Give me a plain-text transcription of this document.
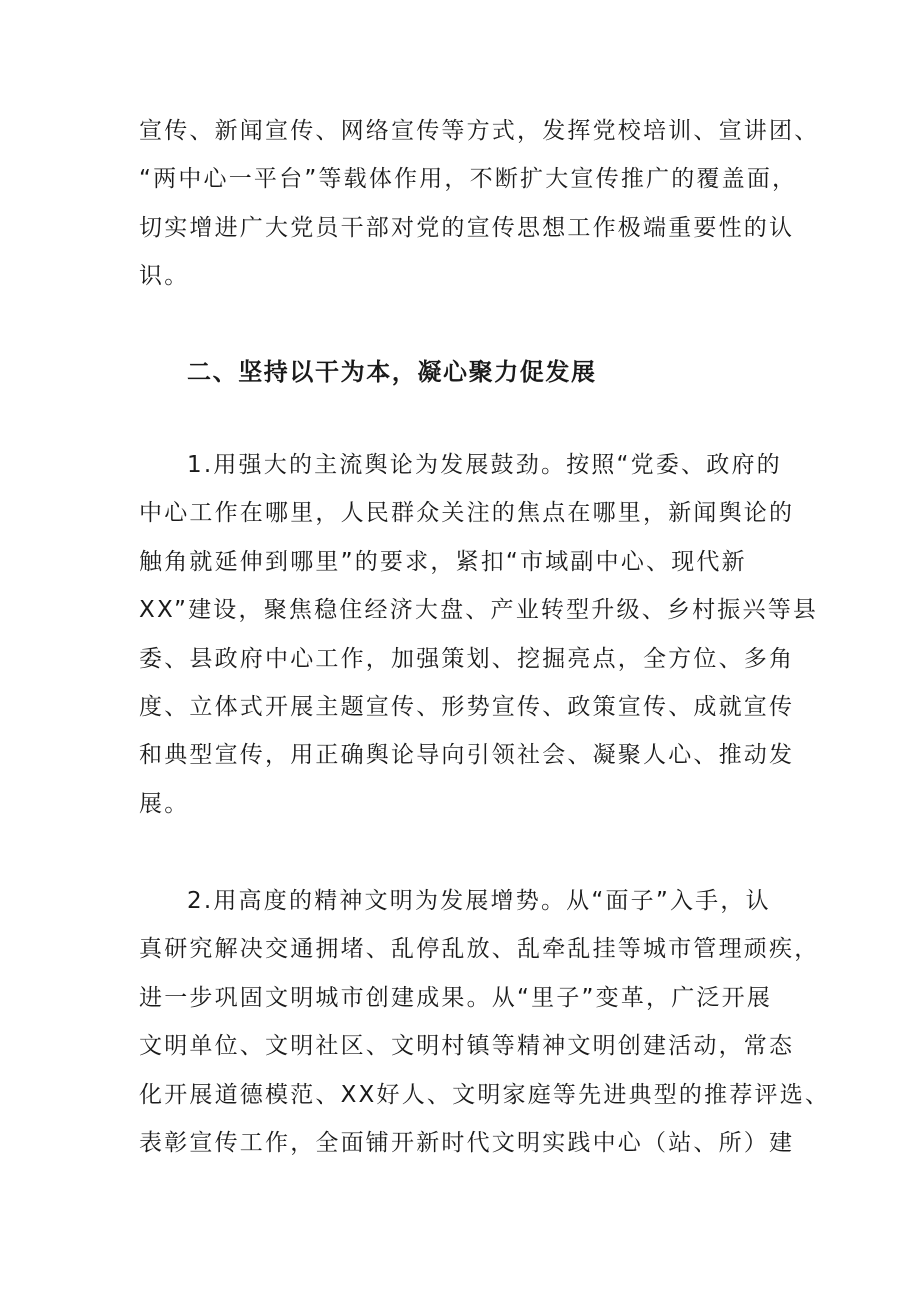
宣传、新闻宣传、网络宣传等方式，发挥党校培训、宣讲团、
“两中心一平台”等载体作用，不断扩大宣传推广的覆盖面，
切实增进广大党员干部对党的宣传思想工作极端重要性的认
识。
二、坚持以干为本，凝心聚力促发展
1.用强大的主流舆论为发展鼓劲。按照“党委、政府的
中心工作在哪里，人民群众关注的焦点在哪里，新闻舆论的
触角就延伸到哪里”的要求，紧扣“市域副中心、现代新
XX”建设，聚焦稳住经济大盘、产业转型升级、乡村振兴等县
委、县政府中心工作，加强策划、挖掘亮点，全方位、多角
度、立体式开展主题宣传、形势宣传、政策宣传、成就宣传
和典型宣传，用正确舆论导向引领社会、凝聚人心、推动发
展。
2.用高度的精神文明为发展增势。从“面子”入手，认
真研究解决交通拥堵、乱停乱放、乱牵乱挂等城市管理顽疾，
进一步巩固文明城市创建成果。从“里子”变革，广泛开展
文明单位、文明社区、文明村镇等精神文明创建活动，常态
化开展道德模范、XX好人、文明家庭等先进典型的推荐评选、
表彰宣传工作，全面铺开新时代文明实践中心（站、所）建
